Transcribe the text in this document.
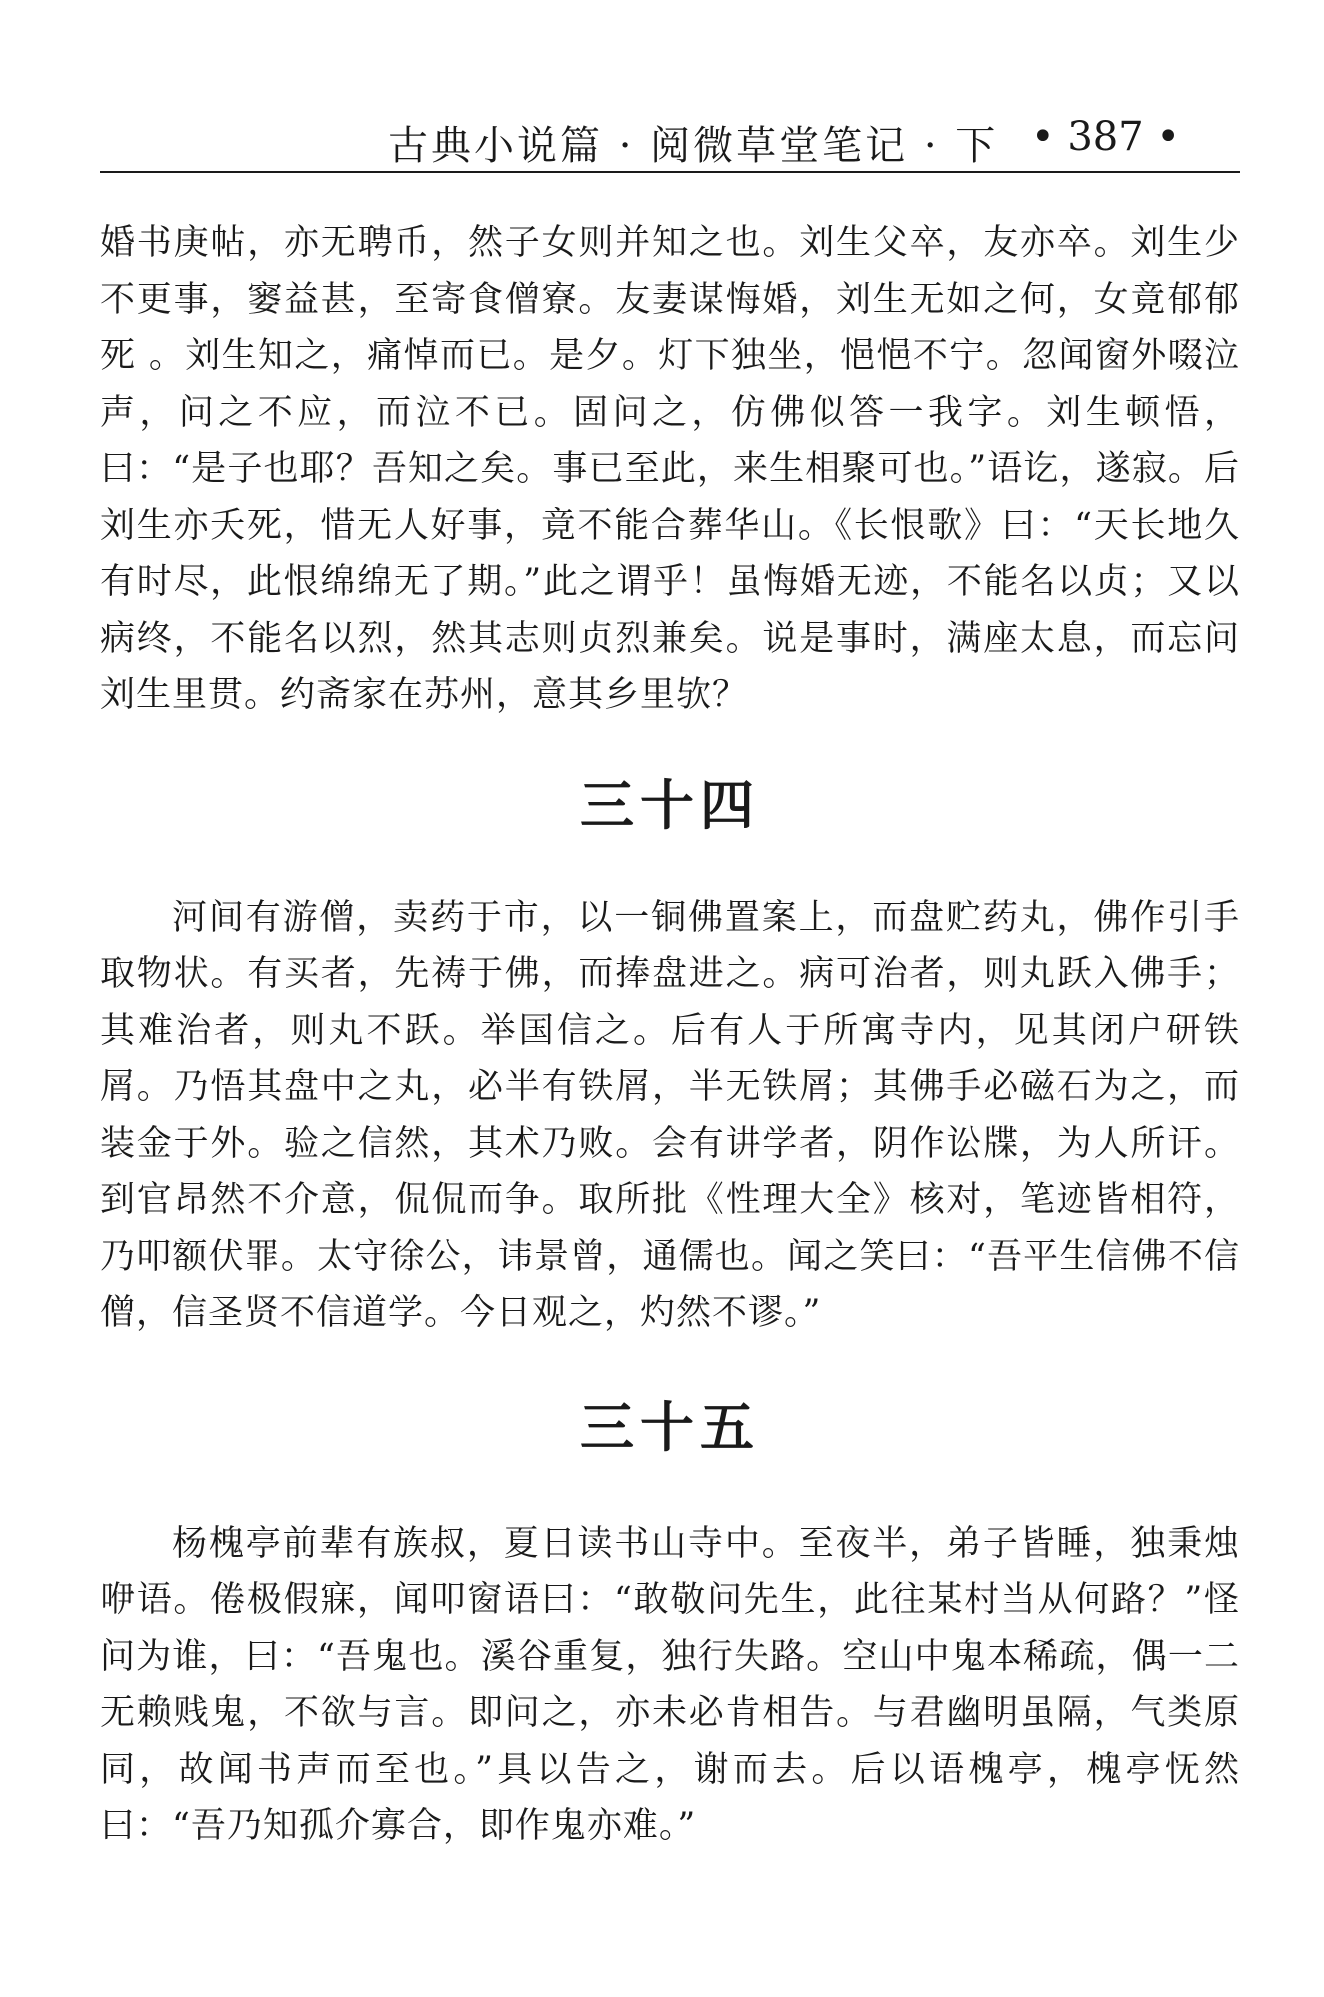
古典小说篇 · 阅微草堂笔记 · 下 • 387 •

婚书庚帖，亦无聘币，然子女则并知之也。刘生父卒，友亦卒。刘生少不更事，窭益甚，至寄食僧寮。友妻谋悔婚，刘生无如之何，女竟郁郁死 。刘生知之，痛悼而已。是夕。灯下独坐，悒悒不宁。忽闻窗外啜泣声，问之不应，而泣不已。固问之，仿佛似答一我字。刘生顿悟，曰：“是子也耶？吾知之矣。事已至此，来生相聚可也。”语讫，遂寂。后刘生亦夭死，惜无人好事，竟不能合葬华山。《长恨歌》曰：“天长地久有时尽，此恨绵绵无了期。”此之谓乎！虽悔婚无迹，不能名以贞；又以病终，不能名以烈，然其志则贞烈兼矣。说是事时，满座太息，而忘问刘生里贯。约斋家在苏州，意其乡里欤？

三十四

河间有游僧，卖药于市，以一铜佛置案上，而盘贮药丸，佛作引手取物状。有买者，先祷于佛，而捧盘进之。病可治者，则丸跃入佛手；其难治者，则丸不跃。举国信之。后有人于所寓寺内，见其闭户研铁屑。乃悟其盘中之丸，必半有铁屑，半无铁屑；其佛手必磁石为之，而装金于外。验之信然，其术乃败。会有讲学者，阴作讼牒，为人所讦。到官昂然不介意，侃侃而争。取所批《性理大全》核对，笔迹皆相符，乃叩额伏罪。太守徐公，讳景曾，通儒也。闻之笑曰：“吾平生信佛不信僧，信圣贤不信道学。今日观之，灼然不谬。”

三十五

杨槐亭前辈有族叔，夏日读书山寺中。至夜半，弟子皆睡，独秉烛咿语。倦极假寐，闻叩窗语曰：“敢敬问先生，此往某村当从何路？”怪问为谁，曰：“吾鬼也。溪谷重复，独行失路。空山中鬼本稀疏，偶一二无赖贱鬼，不欲与言。即问之，亦未必肯相告。与君幽明虽隔，气类原同，故闻书声而至也。”具以告之，谢而去。后以语槐亭，槐亭怃然曰：“吾乃知孤介寡合，即作鬼亦难。”
